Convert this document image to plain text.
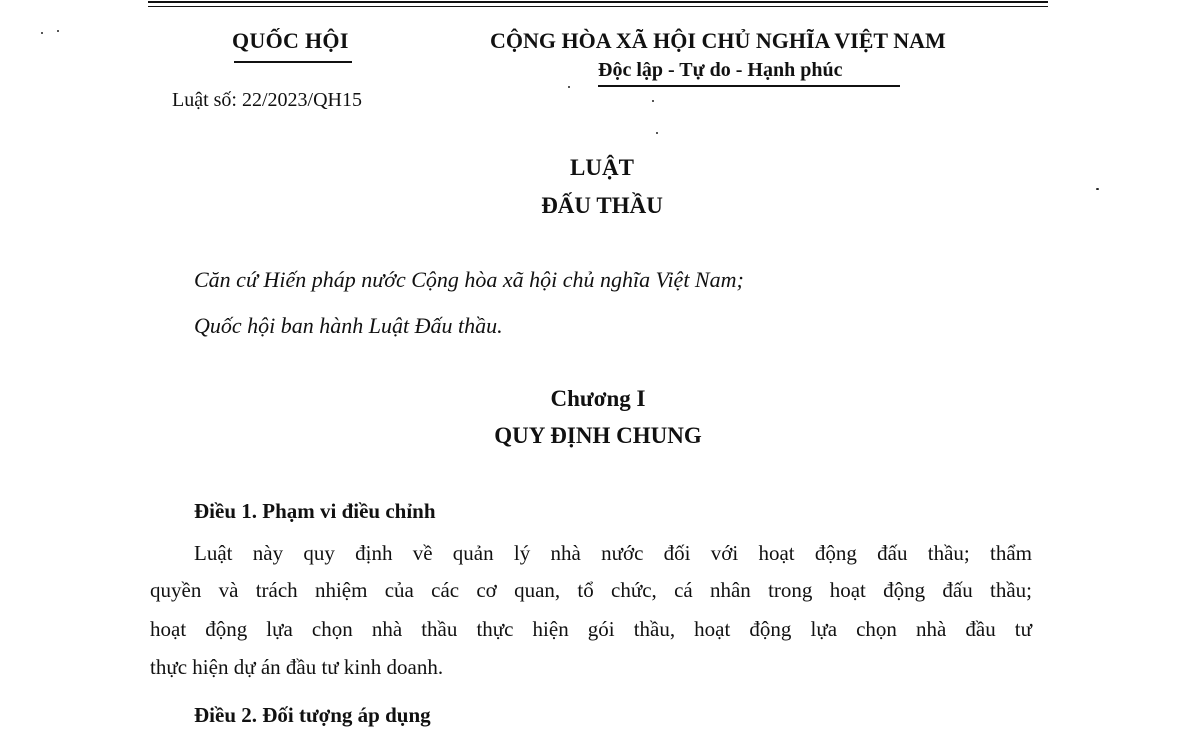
QUỐC HỘI	CỘNG HÒA XÃ HỘI CHỦ NGHĨA VIỆT NAM
Độc lập - Tự do - Hạnh phúc
Luật số: 22/2023/QH15
LUẬT
ĐẤU THẦU
Căn cứ Hiến pháp nước Cộng hòa xã hội chủ nghĩa Việt Nam;
Quốc hội ban hành Luật Đấu thầu.
Chương I
QUY ĐỊNH CHUNG
Điều 1. Phạm vi điều chỉnh
Luật này quy định về quản lý nhà nước đối với hoạt động đấu thầu; thẩm
quyền và trách nhiệm của các cơ quan, tổ chức, cá nhân trong hoạt động đấu thầu;
hoạt động lựa chọn nhà thầu thực hiện gói thầu, hoạt động lựa chọn nhà đầu tư
thực hiện dự án đầu tư kinh doanh.
Điều 2. Đối tượng áp dụng
